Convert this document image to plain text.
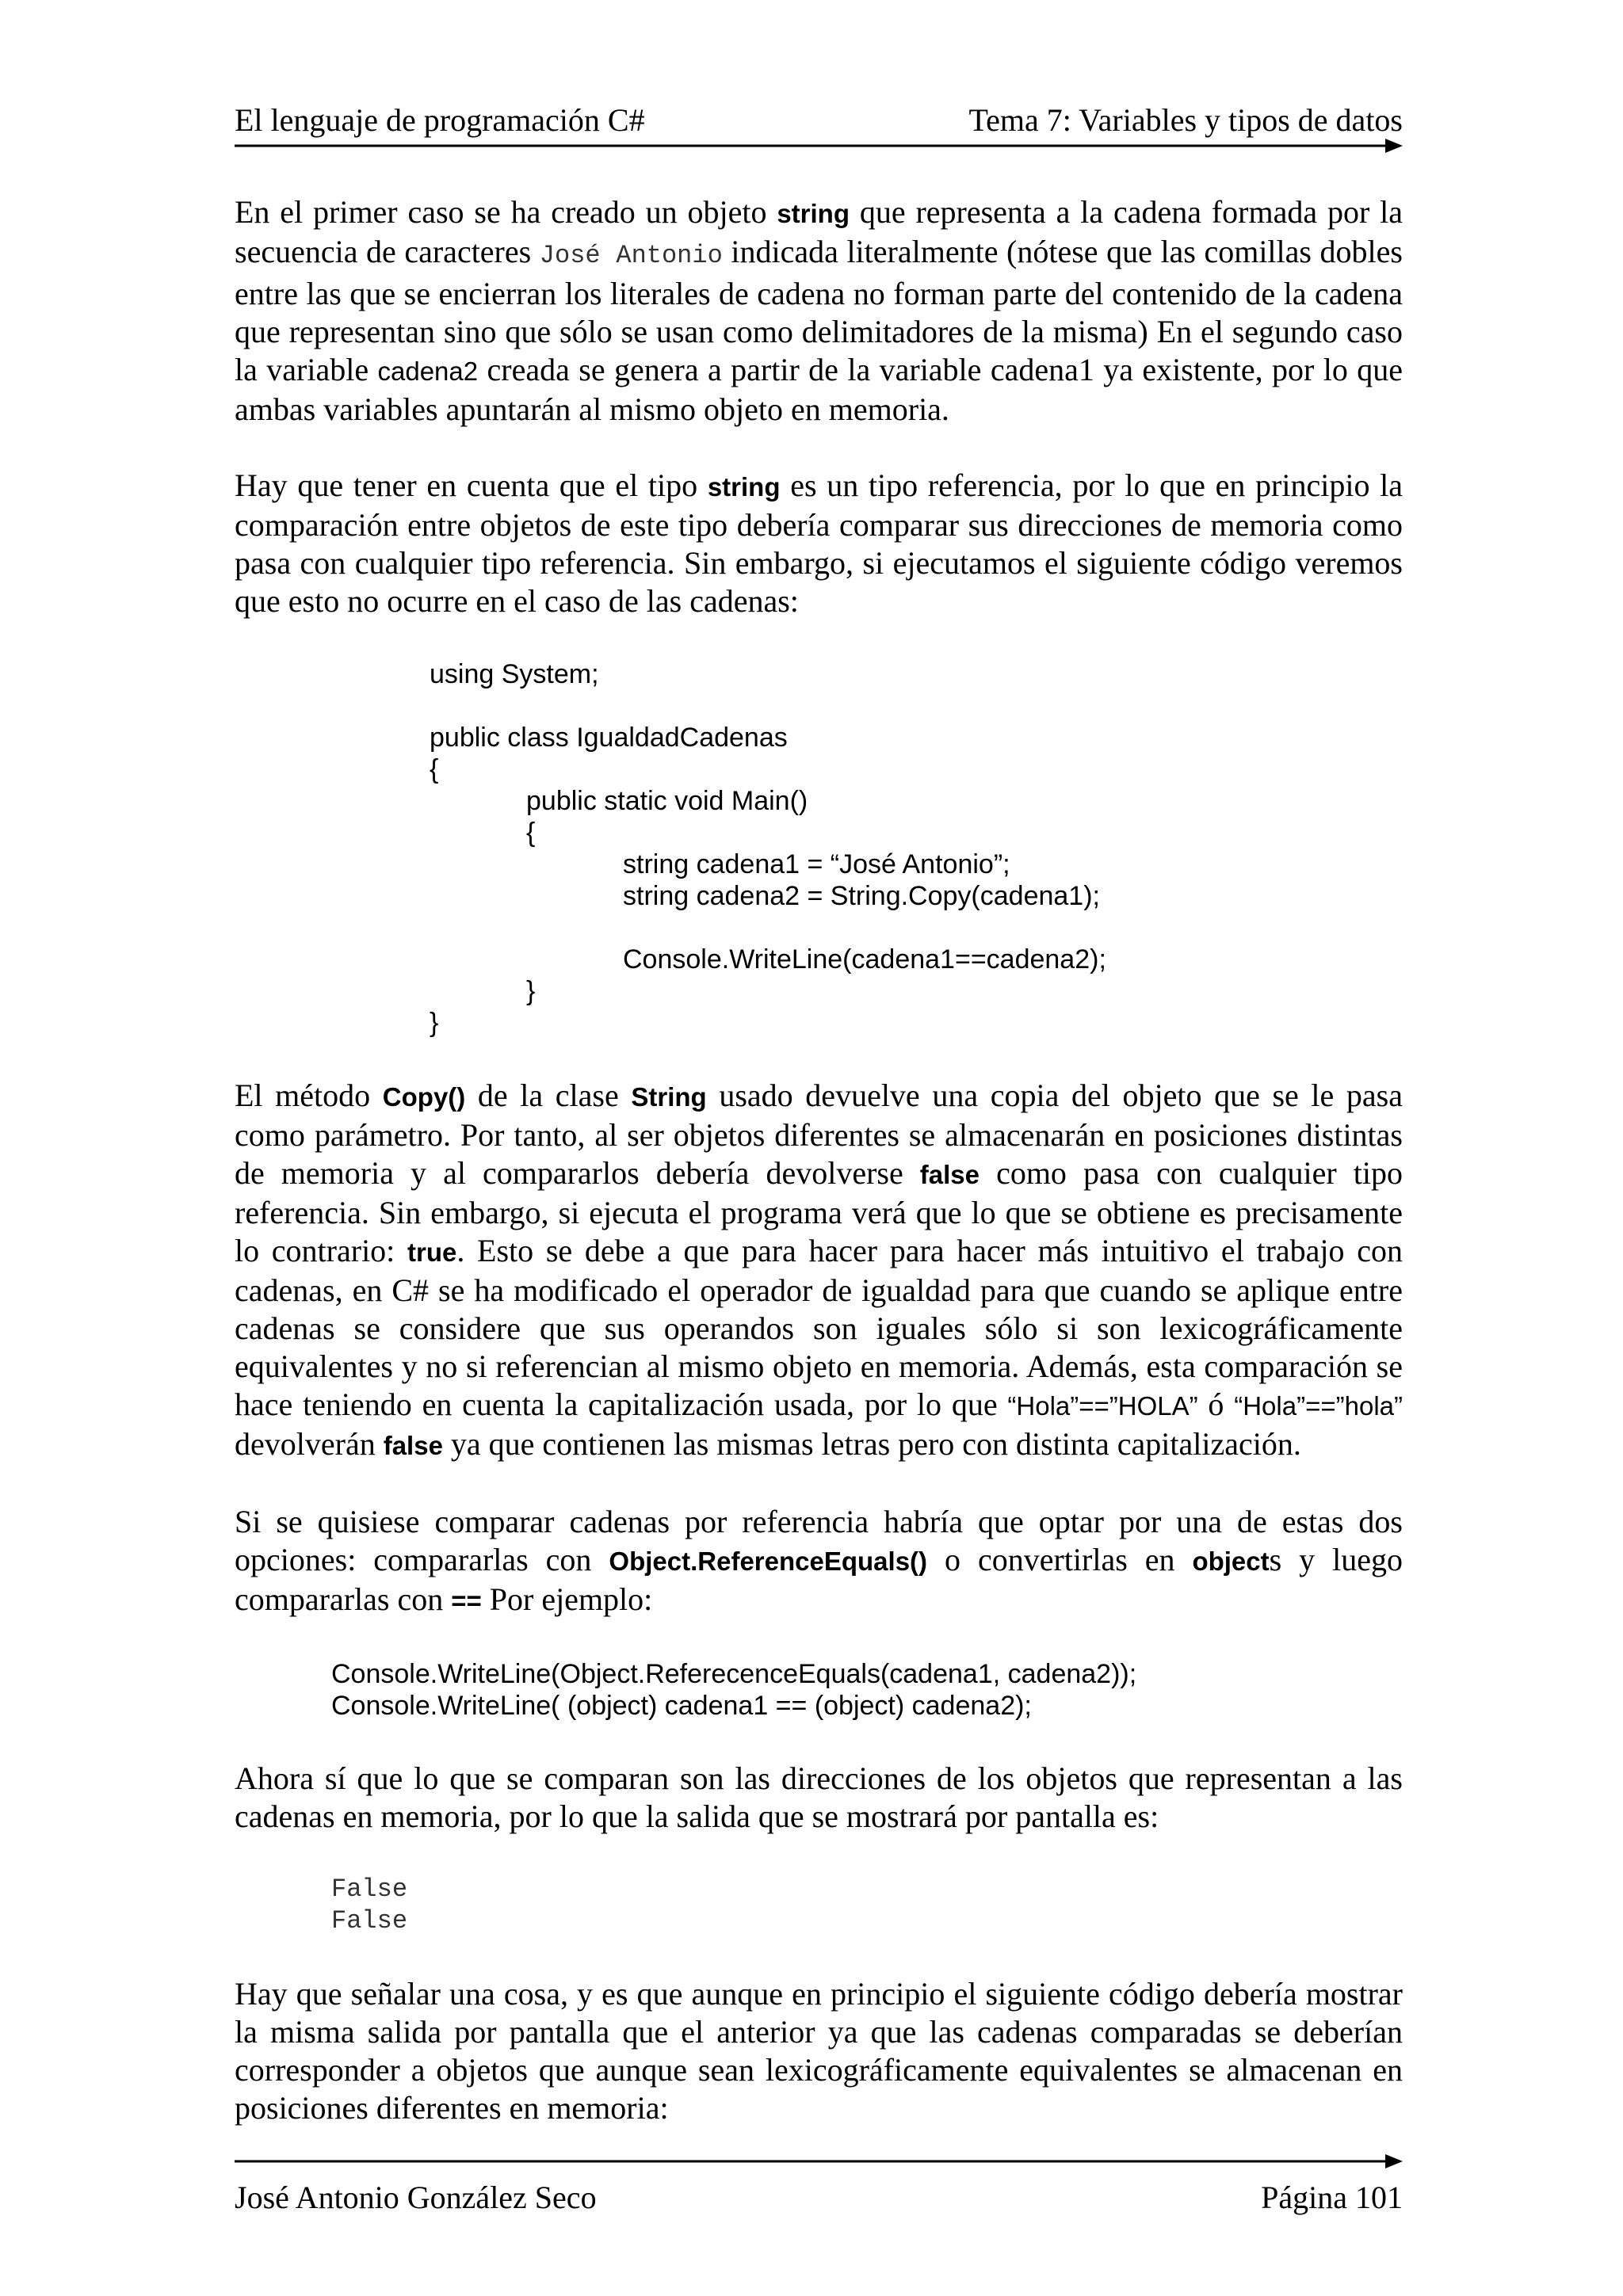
El lenguaje de programación C#	Tema 7: Variables y tipos de datos

En el primer caso se ha creado un objeto string que representa a la cadena formada por la secuencia de caracteres José Antonio indicada literalmente (nótese que las comillas dobles entre las que se encierran los literales de cadena no forman parte del contenido de la cadena que representan sino que sólo se usan como delimitadores de la misma) En el segundo caso la variable cadena2 creada se genera a partir de la variable cadena1 ya existente, por lo que ambas variables apuntarán al mismo objeto en memoria.

Hay que tener en cuenta que el tipo string es un tipo referencia, por lo que en principio la comparación entre objetos de este tipo debería comparar sus direcciones de memoria como pasa con cualquier tipo referencia. Sin embargo, si ejecutamos el siguiente código veremos que esto no ocurre en el caso de las cadenas:

using System;
public class IgualdadCadenas
{
public static void Main()
{
string cadena1 = “José Antonio”;
string cadena2 = String.Copy(cadena1);
Console.WriteLine(cadena1==cadena2);
}
}

El método Copy() de la clase String usado devuelve una copia del objeto que se le pasa como parámetro. Por tanto, al ser objetos diferentes se almacenarán en posiciones distintas de memoria y al compararlos debería devolverse false como pasa con cualquier tipo referencia. Sin embargo, si ejecuta el programa verá que lo que se obtiene es precisamente lo contrario: true. Esto se debe a que para hacer para hacer más intuitivo el trabajo con cadenas, en C# se ha modificado el operador de igualdad para que cuando se aplique entre cadenas se considere que sus operandos son iguales sólo si son lexicográficamente equivalentes y no si referencian al mismo objeto en memoria. Además, esta comparación se hace teniendo en cuenta la capitalización usada, por lo que “Hola”==”HOLA” ó “Hola”==”hola” devolverán false ya que contienen las mismas letras pero con distinta capitalización.

Si se quisiese comparar cadenas por referencia habría que optar por una de estas dos opciones: compararlas con Object.ReferenceEquals() o convertirlas en objects y luego compararlas con == Por ejemplo:

Console.WriteLine(Object.ReferecenceEquals(cadena1, cadena2));
Console.WriteLine( (object) cadena1 == (object) cadena2);

Ahora sí que lo que se comparan son las direcciones de los objetos que representan a las cadenas en memoria, por lo que la salida que se mostrará por pantalla es:

False
False

Hay que señalar una cosa, y es que aunque en principio el siguiente código debería mostrar la misma salida por pantalla que el anterior ya que las cadenas comparadas se deberían corresponder a objetos que aunque sean lexicográficamente equivalentes se almacenan en posiciones diferentes en memoria:

José Antonio González Seco	Página 101
